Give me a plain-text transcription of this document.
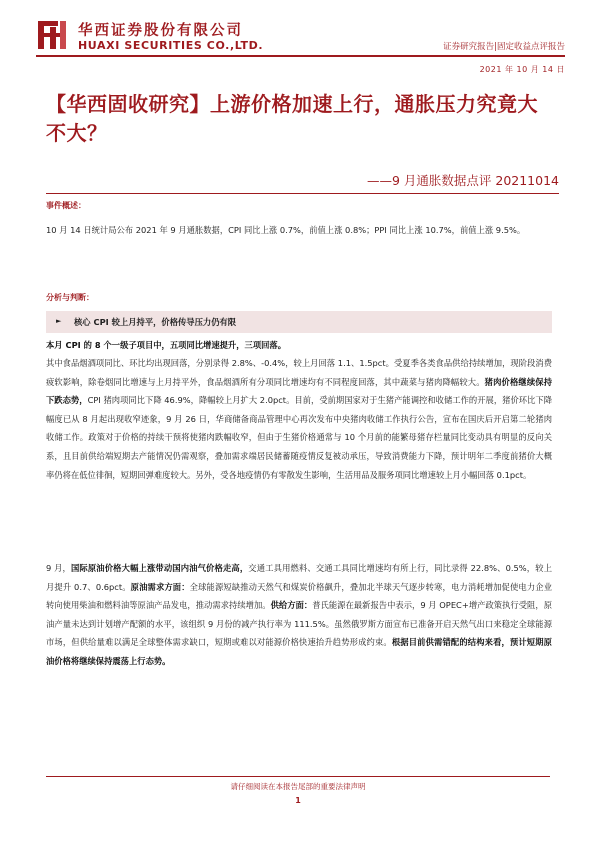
华西证券股份有限公司
HUAXI SECURITIES CO.,LTD.	证券研究报告|固定收益点评报告
2021 年 10 月 14 日
【华西固收研究】上游价格加速上行，通胀压力究竟大不大？
——9 月通胀数据点评 20211014
事件概述：

10 月 14 日统计局公布 2021 年 9 月通胀数据，CPI 同比上涨 0.7%，前值上涨 0.8%；PPI 同比上涨 10.7%，前值上涨 9.5%。

分析与判断：
► 核心 CPI 较上月持平，价格传导压力仍有限

本月 CPI 的 8 个一级子项目中，五项同比增速提升，三项回落。

其中食品烟酒项同比、环比均出现回落，分别录得 2.8%、-0.4%，较上月回落 1.1、1.5pct。受夏季各类食品供给持续增加，现阶段消费疲软影响，除卷烟同比增速与上月持平外，食品烟酒所有分项同比增速均有不同程度回落，其中蔬菜与猪肉降幅较大。猪肉价格继续保持下跌态势，CPI 猪肉项同比下降 46.9%，降幅较上月扩大 2.0pct。目前，受前期国家对于生猪产能调控和收储工作的开展，猪价环比下降幅度已从 8 月起出现收窄迹象，9 月 26 日，华商储备商品管理中心再次发布中央猪肉收储工作执行公告，宣布在国庆后开启第二轮猪肉收储工作。政策对于价格的持续干预将使猪肉跌幅收窄，但由于生猪价格通常与 10 个月前的能繁母猪存栏量同比变动具有明显的反向关系，且目前供给端短期去产能情况仍需观察，叠加需求端居民储蓄随疫情反复被动承压，导致消费能力下降，预计明年二季度前猪价大概率仍将在低位徘徊，短期回弹难度较大。另外，受各地疫情仍有零散发生影响，生活用品及服务项同比增速较上月小幅回落 0.1pct。

9 月，国际原油价格大幅上涨带动国内油气价格走高，交通工具用燃料、交通工具同比增速均有所上行，同比录得 22.8%、0.5%，较上月提升 0.7、0.6pct。原油需求方面：全球能源短缺推动天然气和煤炭价格飙升，叠加北半球天气逐步转寒，电力消耗增加促使电力企业转向使用柴油和燃料油等原油产品发电，推动需求持续增加。供给方面：普氏能源在最新报告中表示，9 月 OPEC+增产政策执行受阻，原油产量未达到计划增产配额的水平，该组织 9 月份的减产执行率为 111.5%。虽然俄罗斯方面宣布已准备开启天然气出口来稳定全球能源市场，但供给量难以满足全球整体需求缺口，短期或难以对能源价格快速抬升趋势形成约束。根据目前供需错配的结构来看，预计短期原油价格将继续保持震荡上行态势。

请仔细阅读在本报告尾部的重要法律声明
1
